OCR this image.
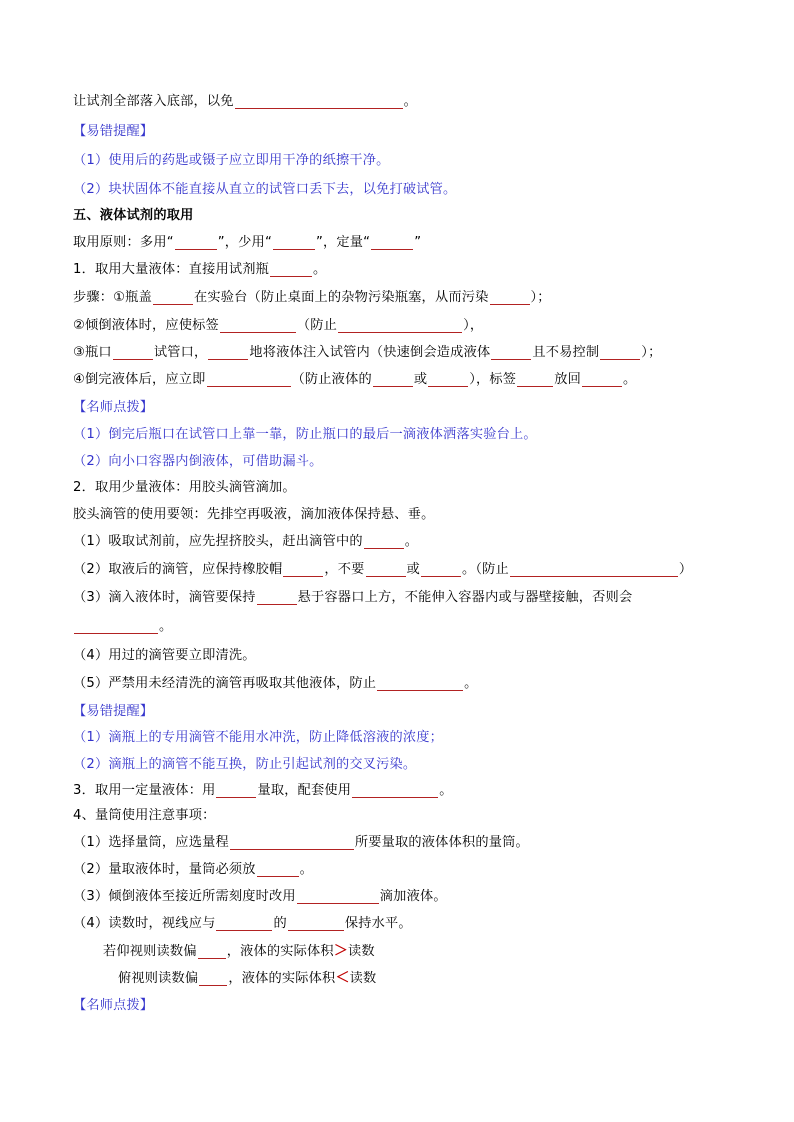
让试剂全部落入底部，以免	。
【易错提醒】
（1）使用后的药匙或镊子应立即用干净的纸擦干净。
（2）块状固体不能直接从直立的试管口丢下去，以免打破试管。
五、液体试剂的取用
取用原则：多用“	”，少用“	”，定量“	”
1．取用大量液体：直接用试剂瓶	。
步骤：①瓶盖	在实验台（防止桌面上的杂物污染瓶塞，从而污染	）；
②倾倒液体时，应使标签	（防止	），
③瓶口	试管口，	地将液体注入试管内（快速倒会造成液体	且不易控制	）；
④倒完液体后，应立即	（防止液体的	或	），标签	放回	。
【名师点拨】
（1）倒完后瓶口在试管口上靠一靠，防止瓶口的最后一滴液体洒落实验台上。
（2）向小口容器内倒液体，可借助漏斗。
2．取用少量液体：用胶头滴管滴加。
胶头滴管的使用要领：先排空再吸液，滴加液体保持悬、垂。
（1）吸取试剂前，应先捏挤胶头，赶出滴管中的	。
（2）取液后的滴管，应保持橡胶帽	，不要	或	。（防止	）
（3）滴入液体时，滴管要保持	悬于容器口上方，不能伸入容器内或与器壁接触，否则会
。
（4）用过的滴管要立即清洗。
（5）严禁用未经清洗的滴管再吸取其他液体，防止	。
【易错提醒】
（1）滴瓶上的专用滴管不能用水冲洗，防止降低溶液的浓度；
（2）滴瓶上的滴管不能互换，防止引起试剂的交叉污染。
3．取用一定量液体：用	量取，配套使用	。
4、量筒使用注意事项：
（1）选择量筒，应选量程	所要量取的液体体积的量筒。
（2）量取液体时，量筒必须放	。
（3）倾倒液体至接近所需刻度时改用	滴加液体。
（4）读数时，视线应与	的	保持水平。
若仰视则读数偏 ，液体的实际体积＞读数
俯视则读数偏 ，液体的实际体积＜读数
【名师点拨】
